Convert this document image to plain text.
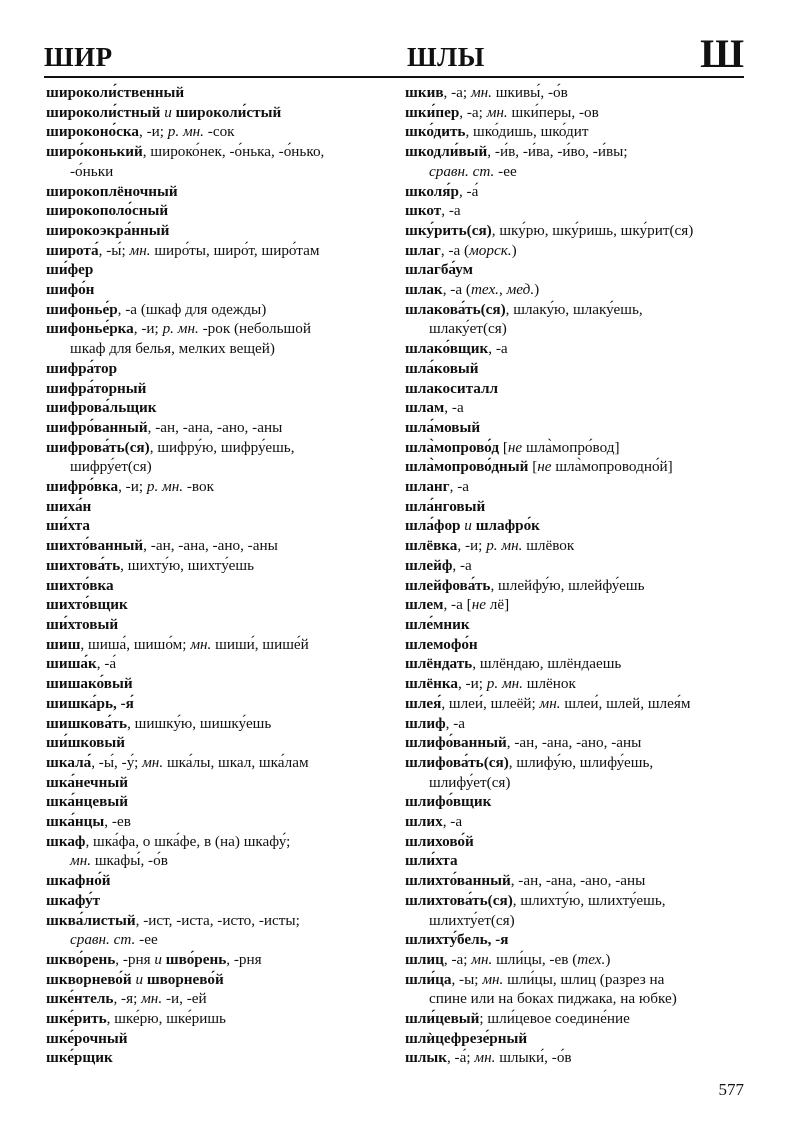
ШИР	ШЛЫ	Ш
широколи́ственный
широколи́стный и широколи́стый
широконо́ска, -и; р. мн. -сок
широ́конький, широко́нек, -о́нька, -о́нько,
-о́ньки
широкоплёночный
широкополо́сный
широкоэкра́нный
широта́, -ы́; мн. широ́ты, широ́т, широ́там
ши́фер
шифо́н
шифонье́р, -а (шкаф для одежды)
шифонье́рка, -и; р. мн. -рок (небольшой
шкаф для белья, мелких вещей)
шифра́тор
шифра́торный
шифрова́льщик
шифро́ванный, -ан, -ана, -ано, -аны
шифрова́ть(ся), шифру́ю, шифру́ешь,
шифру́ет(ся)
шифро́вка, -и; р. мн. -вок
шиха́н
ши́хта
шихто́ванный, -ан, -ана, -ано, -аны
шихтова́ть, шихту́ю, шихту́ешь
шихто́вка
шихто́вщик
ши́хтовый
шиш, шиша́, шишо́м; мн. шиши́, шише́й
шиша́к, -а́
шишако́вый
шишка́рь, -я́
шишкова́ть, шишку́ю, шишку́ешь
ши́шковый
шкала́, -ы́, -у́; мн. шка́лы, шкал, шка́лам
шка́нечный
шка́нцевый
шка́нцы, -ев
шкаф, шка́фа, о шка́фе, в (на) шкафу́;
мн. шкафы́, -о́в
шкафно́й
шкафу́т
шква́листый, -ист, -иста, -исто, -исты;
сравн. ст. -ее
шкво́рень, -рня и шво́рень, -рня
шкворнево́й и шворнево́й
шке́нтель, -я; мн. -и, -ей
шке́рить, шке́рю, шке́ришь
шке́рочный
шке́рщик
шкив, -а; мн. шкивы́, -о́в
шки́пер, -а; мн. шки́перы, -ов
шко́дить, шко́дишь, шко́дит
шкодли́вый, -и́в, -и́ва, -и́во, -и́вы;
сравн. ст. -ее
школя́р, -а́
шкот, -а
шку́рить(ся), шку́рю, шку́ришь, шку́рит(ся)
шлаг, -а (морск.)
шлагба́ум
шлак, -а (тех., мед.)
шлакова́ть(ся), шлаку́ю, шлаку́ешь,
шлаку́ет(ся)
шлако́вщик, -а
шла́ковый
шлакоситалл
шлам, -а
шла́мовый
шла̀мопрово́д [не шла̀мопро́вод]
шла̀мопрово́дный [не шла̀мопроводно́й]
шланг, -а
шла́нговый
шла́фор и шлафро́к
шлёвка, -и; р. мн. шлёвок
шлейф, -а
шлейфова́ть, шлейфу́ю, шлейфу́ешь
шлем, -а [не лё]
шле́мник
шлемофо́н
шлёндать, шлёндаю, шлёндаешь
шлёнка, -и; р. мн. шлёнок
шлея́, шлеи́, шлеёй; мн. шлеи́, шлей, шлея́м
шлиф, -а
шлифо́ванный, -ан, -ана, -ано, -аны
шлифова́ть(ся), шлифу́ю, шлифу́ешь,
шлифу́ет(ся)
шлифо́вщик
шлих, -а
шлихово́й
шли́хта
шлихто́ванный, -ан, -ана, -ано, -аны
шлихтова́ть(ся), шлихту́ю, шлихту́ешь,
шлихту́ет(ся)
шлихту́бель, -я
шлиц, -а; мн. шли́цы, -ев (тех.)
шли́ца, -ы; мн. шли́цы, шлиц (разрез на
спине или на боках пиджака, на юбке)
шли́цевый; шли́цевое соедине́ние
шлѝцефрезе́рный
шлык, -а́; мн. шлыки́, -о́в
577
